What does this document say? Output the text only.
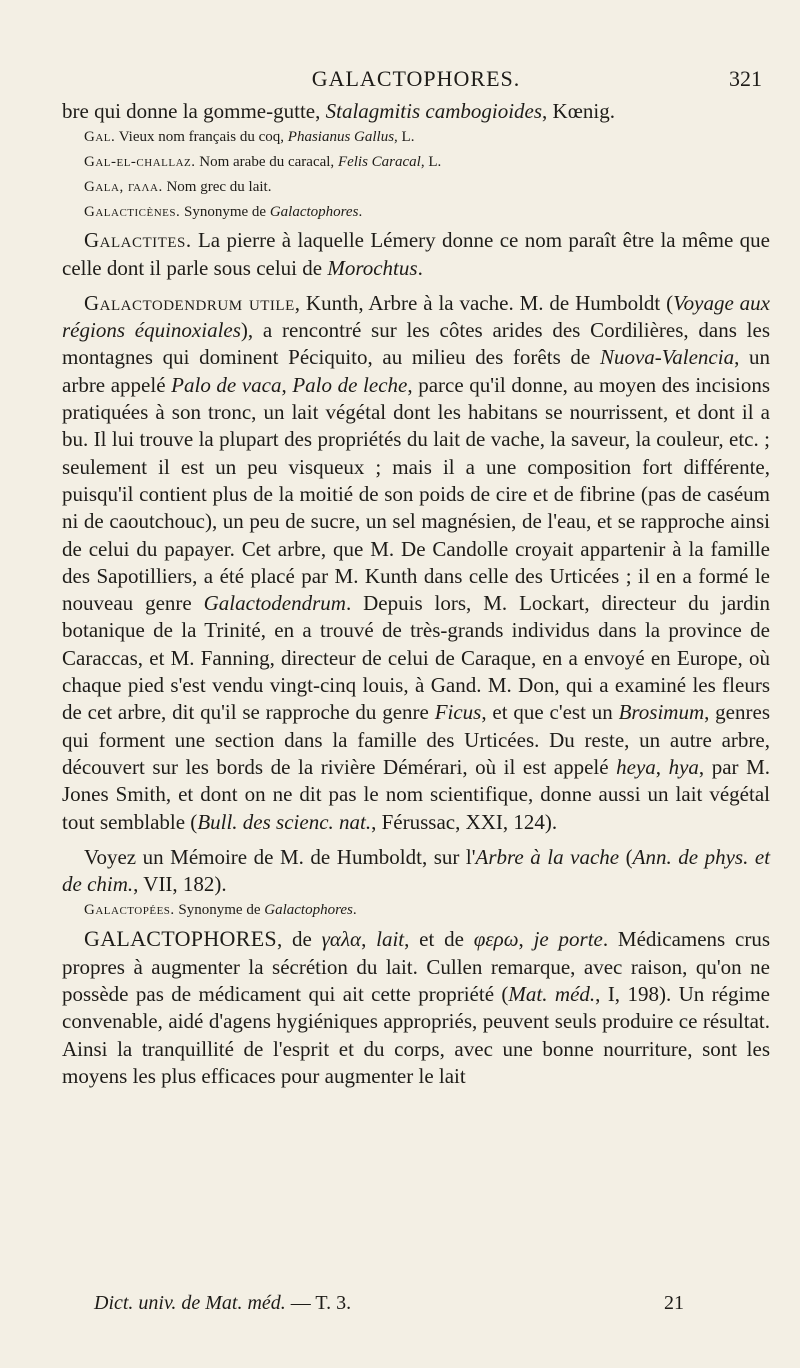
GALACTOPHORES.	321

bre qui donne la gomme-gutte, Stalagmitis cambogioides, Kœnig.

Gal. Vieux nom français du coq, Phasianus Gallus, L.

Gal-el-challaz. Nom arabe du caracal, Felis Caracal, L.

Gala, γαλα. Nom grec du lait.

Galacticènes. Synonyme de Galactophores.

Galactites. La pierre à laquelle Lémery donne ce nom paraît être la même que celle dont il parle sous celui de Morochtus.

Galactodendrum utile, Kunth, Arbre à la vache. M. de Humboldt (Voyage aux régions équinoxiales), a rencontré sur les côtes arides des Cordilières, dans les montagnes qui dominent Péciquito, au milieu des forêts de Nuova-Valencia, un arbre appelé Palo de vaca, Palo de leche, parce qu'il donne, au moyen des incisions pratiquées à son tronc, un lait végétal dont les habitans se nourrissent, et dont il a bu. Il lui trouve la plupart des propriétés du lait de vache, la saveur, la couleur, etc. ; seulement il est un peu visqueux ; mais il a une composition fort différente, puisqu'il contient plus de la moitié de son poids de cire et de fibrine (pas de caséum ni de caoutchouc), un peu de sucre, un sel magnésien, de l'eau, et se rapproche ainsi de celui du papayer. Cet arbre, que M. De Candolle croyait appartenir à la famille des Sapotilliers, a été placé par M. Kunth dans celle des Urticées ; il en a formé le nouveau genre Galactodendrum. Depuis lors, M. Lockart, directeur du jardin botanique de la Trinité, en a trouvé de très-grands individus dans la province de Caraccas, et M. Fanning, directeur de celui de Caraque, en a envoyé en Europe, où chaque pied s'est vendu vingt-cinq louis, à Gand. M. Don, qui a examiné les fleurs de cet arbre, dit qu'il se rapproche du genre Ficus, et que c'est un Brosimum, genres qui forment une section dans la famille des Urticées. Du reste, un autre arbre, découvert sur les bords de la rivière Démérari, où il est appelé heya, hya, par M. Jones Smith, et dont on ne dit pas le nom scientifique, donne aussi un lait végétal tout semblable (Bull. des scienc. nat., Férussac, XXI, 124).

Voyez un Mémoire de M. de Humboldt, sur l'Arbre à la vache (Ann. de phys. et de chim., VII, 182).

Galactopées. Synonyme de Galactophores.

GALACTOPHORES, de γαλα, lait, et de φερω, je porte. Médicamens crus propres à augmenter la sécrétion du lait. Cullen remarque, avec raison, qu'on ne possède pas de médicament qui ait cette propriété (Mat. méd., I, 198). Un régime convenable, aidé d'agens hygiéniques appropriés, peuvent seuls produire ce résultat. Ainsi la tranquillité de l'esprit et du corps, avec une bonne nourriture, sont les moyens les plus efficaces pour augmenter le lait

Dict. univ. de Mat. méd. — T. 3.	21
